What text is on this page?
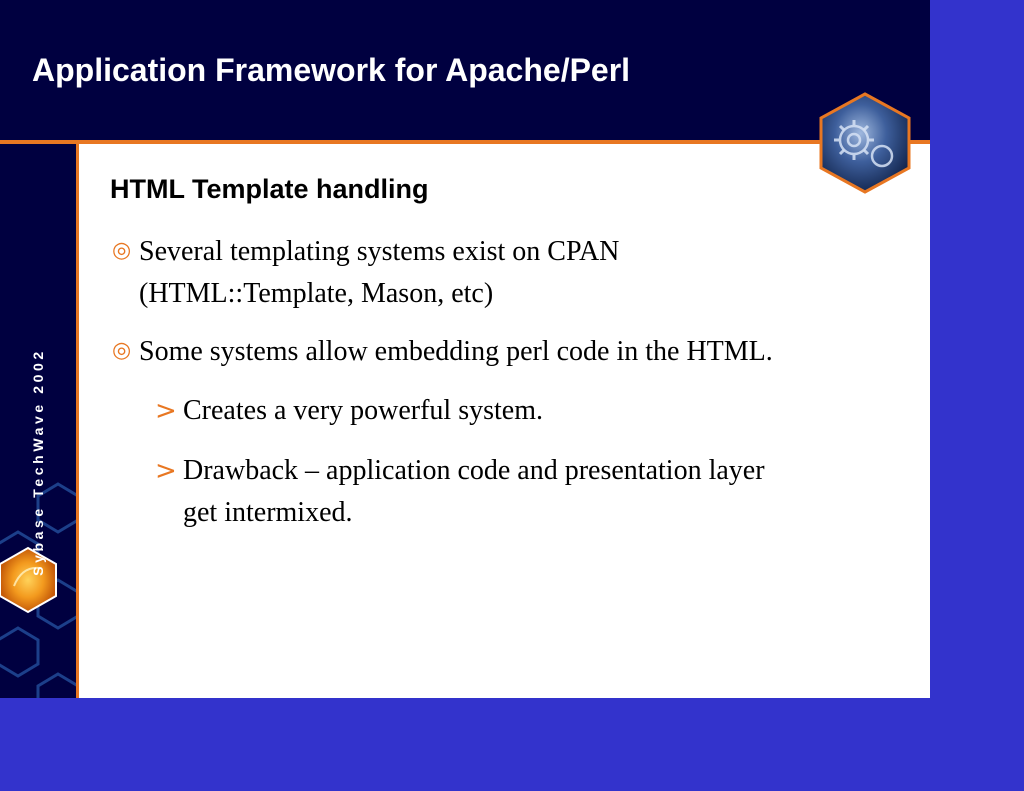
Application Framework for Apache/Perl
Sybase TechWave 2002
HTML Template handling
◎ Several templating systems exist on CPAN
(HTML::Template, Mason, etc)
◎ Some systems allow embedding perl code in the HTML.
> Creates a very powerful system.
> Drawback – application code and presentation layer
get intermixed.
